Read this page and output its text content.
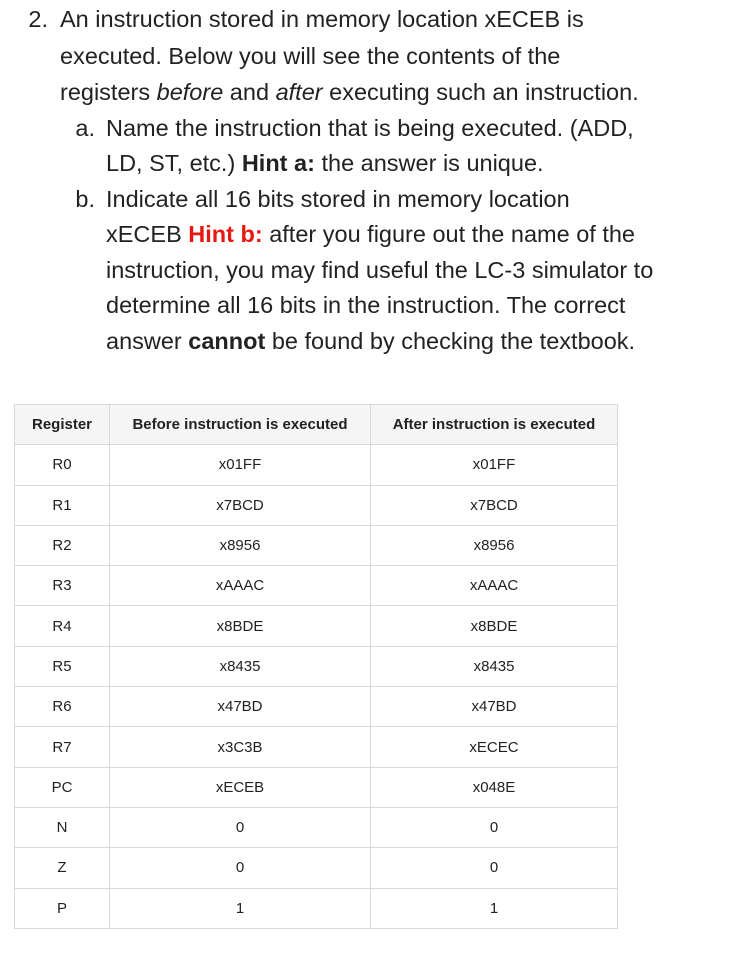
2. An instruction stored in memory location xECEB is
executed. Below you will see the contents of the
registers before and after executing such an instruction.
a. Name the instruction that is being executed. (ADD,
LD, ST, etc.) Hint a: the answer is unique.
b. Indicate all 16 bits stored in memory location
xECEB Hint b: after you figure out the name of the
instruction, you may find useful the LC-3 simulator to
determine all 16 bits in the instruction. The correct
answer cannot be found by checking the textbook.
Register	Before instruction is executed	After instruction is executed
R0	x01FF	x01FF
R1	x7BCD	x7BCD
R2	x8956	x8956
R3	xAAAC	xAAAC
R4	x8BDE	x8BDE
R5	x8435	x8435
R6	x47BD	x47BD
R7	x3C3B	xECEC
PC	xECEB	x048E
N	0	0
Z	0	0
P	1	1
